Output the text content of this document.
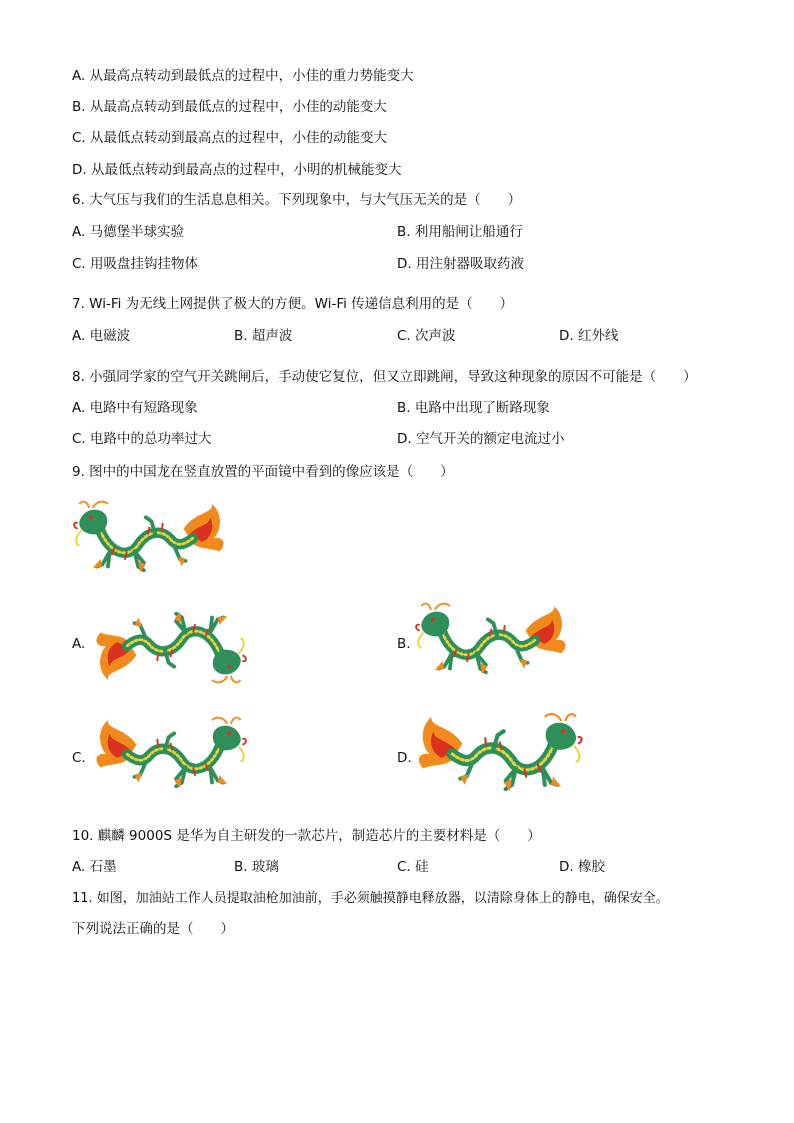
A. 从最高点转动到最低点的过程中，小佳的重力势能变大
B. 从最高点转动到最低点的过程中，小佳的动能变大
C. 从最低点转动到最高点的过程中，小佳的动能变大
D. 从最低点转动到最高点的过程中，小明的机械能变大
6. 大气压与我们的生活息息相关。下列现象中，与大气压无关的是（　　）
A. 马德堡半球实验	B. 利用船闸让船通行
C. 用吸盘挂钩挂物体	D. 用注射器吸取药液
7. Wi-Fi 为无线上网提供了极大的方便。Wi-Fi 传递信息利用的是（　　）
A. 电磁波	B. 超声波	C. 次声波	D. 红外线
8. 小强同学家的空气开关跳闸后，手动使它复位，但又立即跳闸，导致这种现象的原因不可能是（　　）
A. 电路中有短路现象	B. 电路中出现了断路现象
C. 电路中的总功率过大	D. 空气开关的额定电流过小
9. 图中的中国龙在竖直放置的平面镜中看到的像应该是（　　）
A.	B.
C.	D.
10. 麒麟 9000S 是华为自主研发的一款芯片，制造芯片的主要材料是（　　）
A. 石墨	B. 玻璃	C. 硅	D. 橡胶
11. 如图，加油站工作人员提取油枪加油前，手必须触摸静电释放器，以清除身体上的静电，确保安全。
下列说法正确的是（　　）
